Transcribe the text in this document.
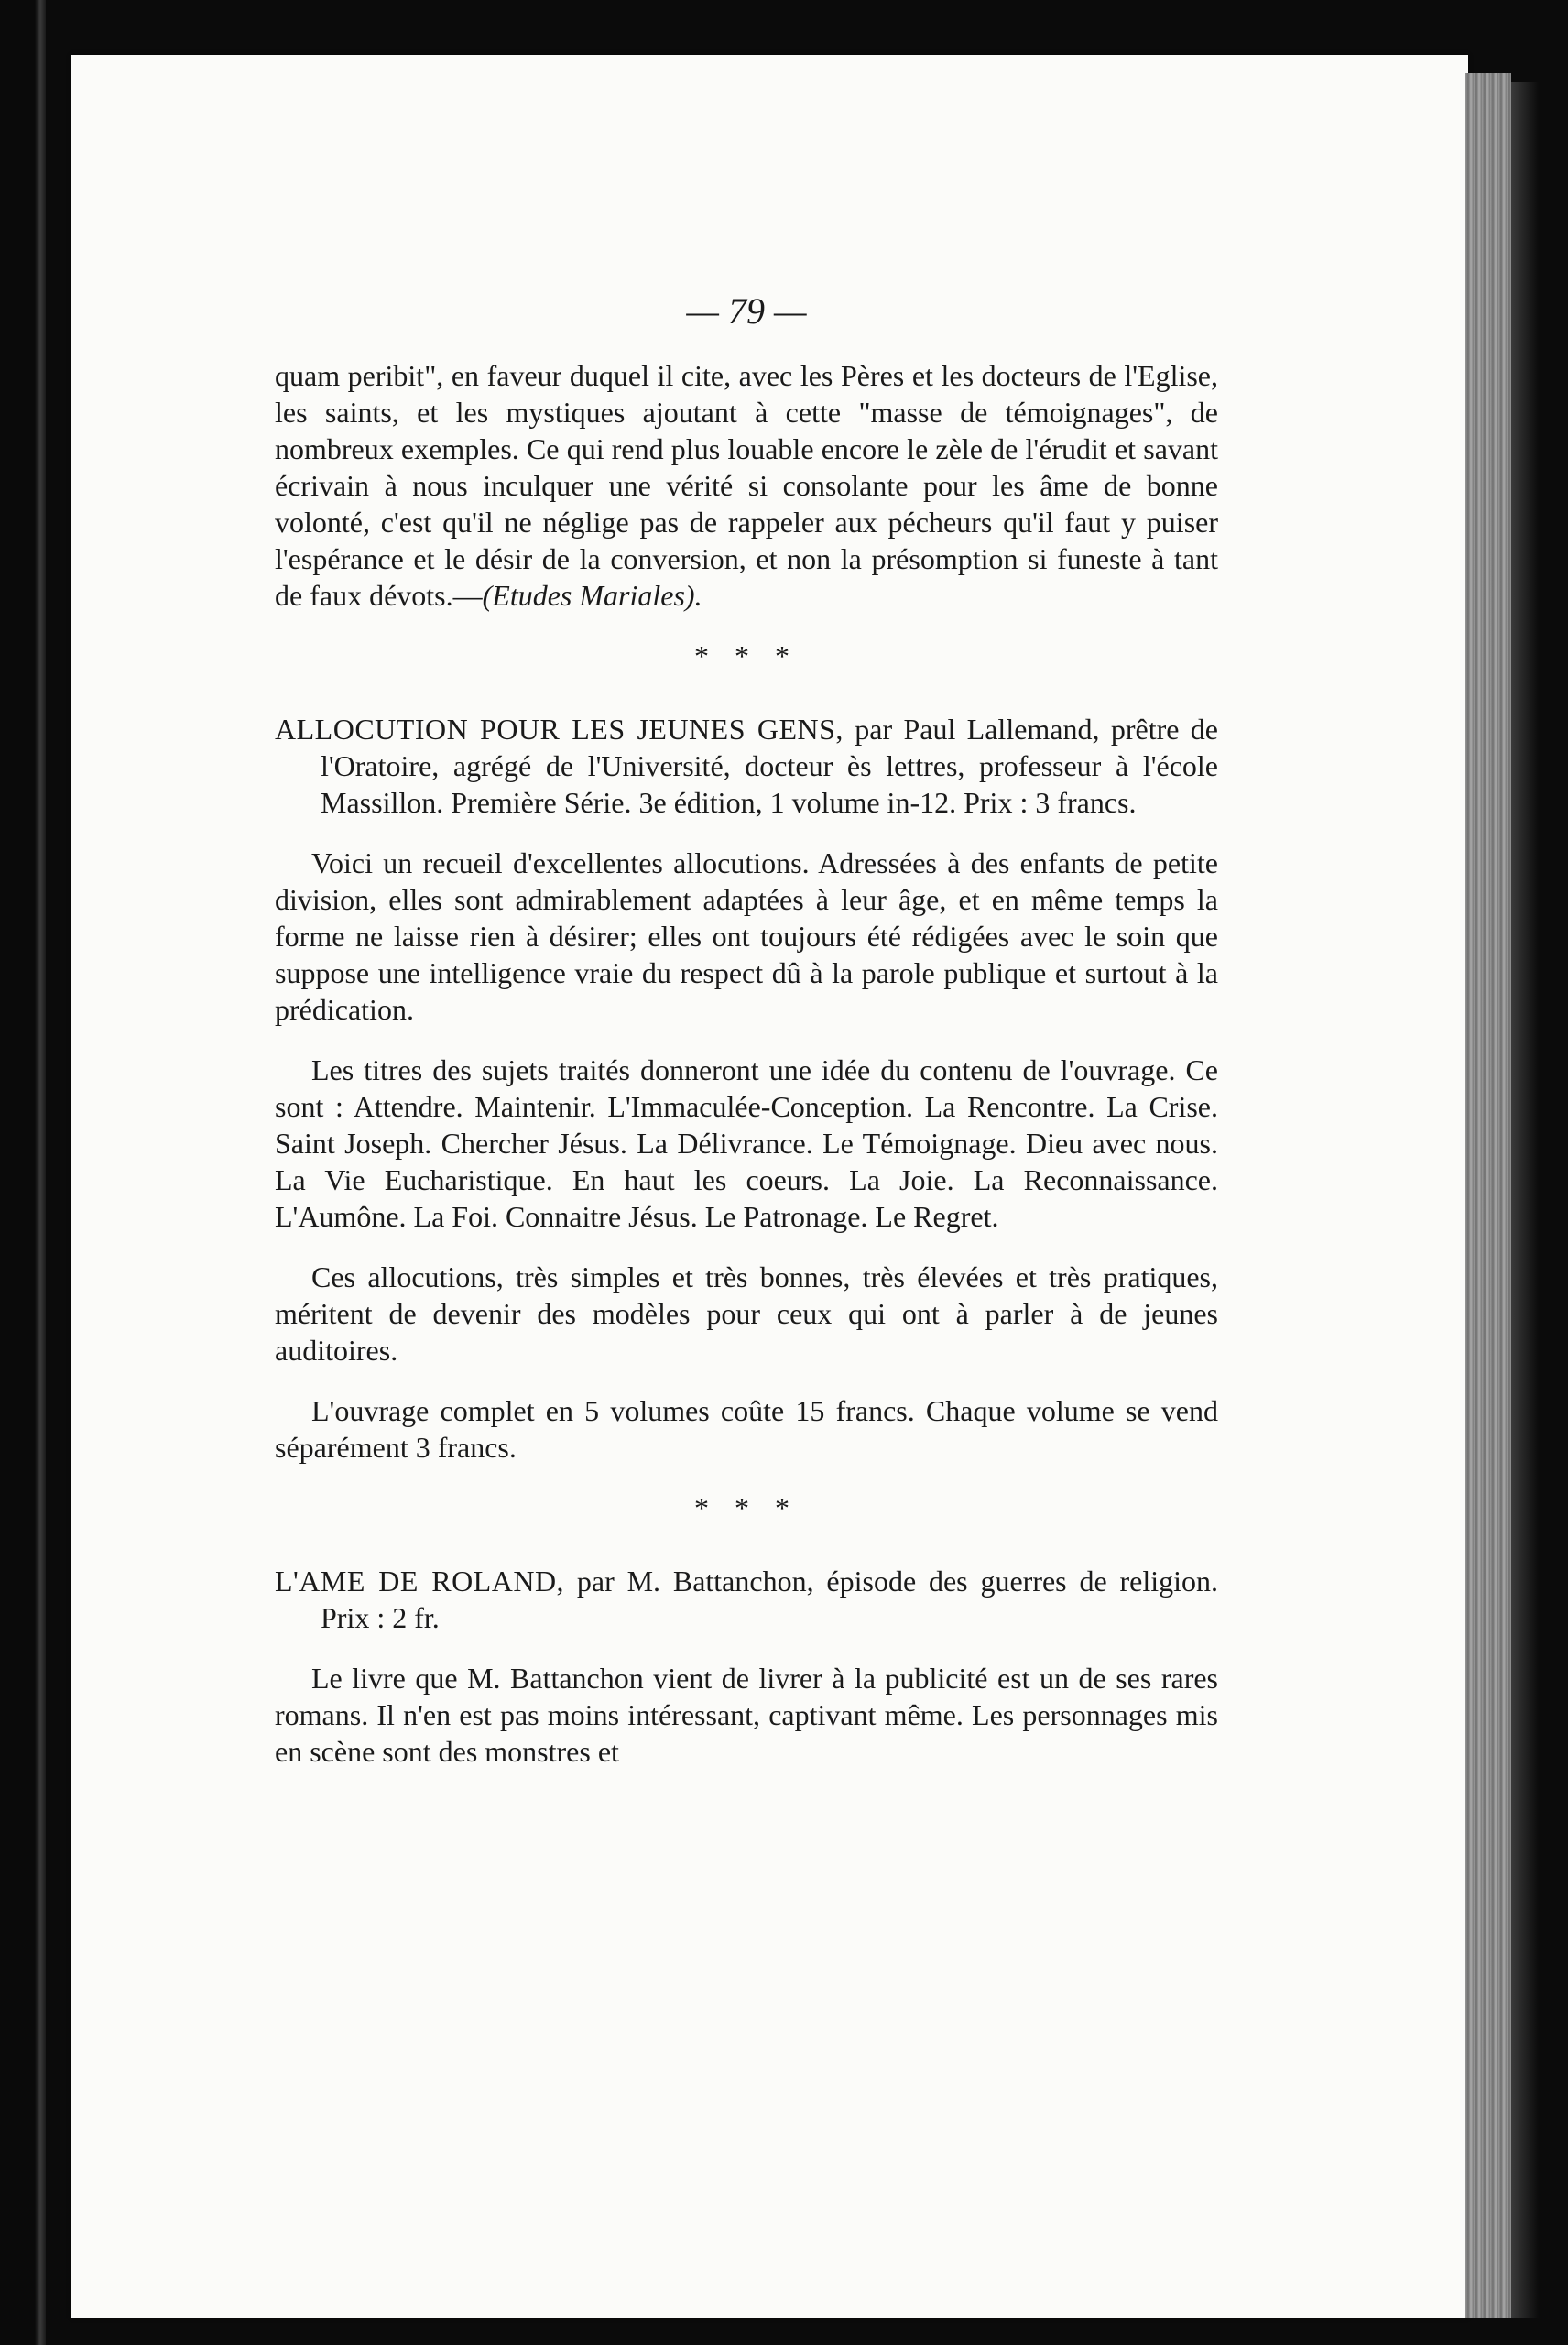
— 79 —

quam peribit", en faveur duquel il cite, avec les Pères et les docteurs de l'Eglise, les saints, et les mystiques ajoutant à cette "masse de témoignages", de nombreux exemples. Ce qui rend plus louable encore le zèle de l'érudit et savant écrivain à nous inculquer une vérité si consolante pour les âme de bonne volonté, c'est qu'il ne néglige pas de rappeler aux pécheurs qu'il faut y puiser l'espérance et le désir de la conversion, et non la présomption si funeste à tant de faux dévots.—(Etudes Mariales).

* * *

ALLOCUTION POUR LES JEUNES GENS, par Paul Lallemand, prêtre de l'Oratoire, agrégé de l'Université, docteur ès lettres, professeur à l'école Massillon. Première Série. 3e édition, 1 volume in-12. Prix : 3 francs.

Voici un recueil d'excellentes allocutions. Adressées à des enfants de petite division, elles sont admirablement adaptées à leur âge, et en même temps la forme ne laisse rien à désirer; elles ont toujours été rédigées avec le soin que suppose une intelligence vraie du respect dû à la parole publique et surtout à la prédication.

Les titres des sujets traités donneront une idée du contenu de l'ouvrage. Ce sont : Attendre. Maintenir. L'Immaculée-Conception. La Rencontre. La Crise. Saint Joseph. Chercher Jésus. La Délivrance. Le Témoignage. Dieu avec nous. La Vie Eucharistique. En haut les coeurs. La Joie. La Reconnaissance. L'Aumône. La Foi. Connaitre Jésus. Le Patronage. Le Regret.

Ces allocutions, très simples et très bonnes, très élevées et très pratiques, méritent de devenir des modèles pour ceux qui ont à parler à de jeunes auditoires.

L'ouvrage complet en 5 volumes coûte 15 francs. Chaque volume se vend séparément 3 francs.

* * *

L'AME DE ROLAND, par M. Battanchon, épisode des guerres de religion. Prix : 2 fr.

Le livre que M. Battanchon vient de livrer à la publicité est un de ses rares romans. Il n'en est pas moins intéressant, captivant même. Les personnages mis en scène sont des monstres et
